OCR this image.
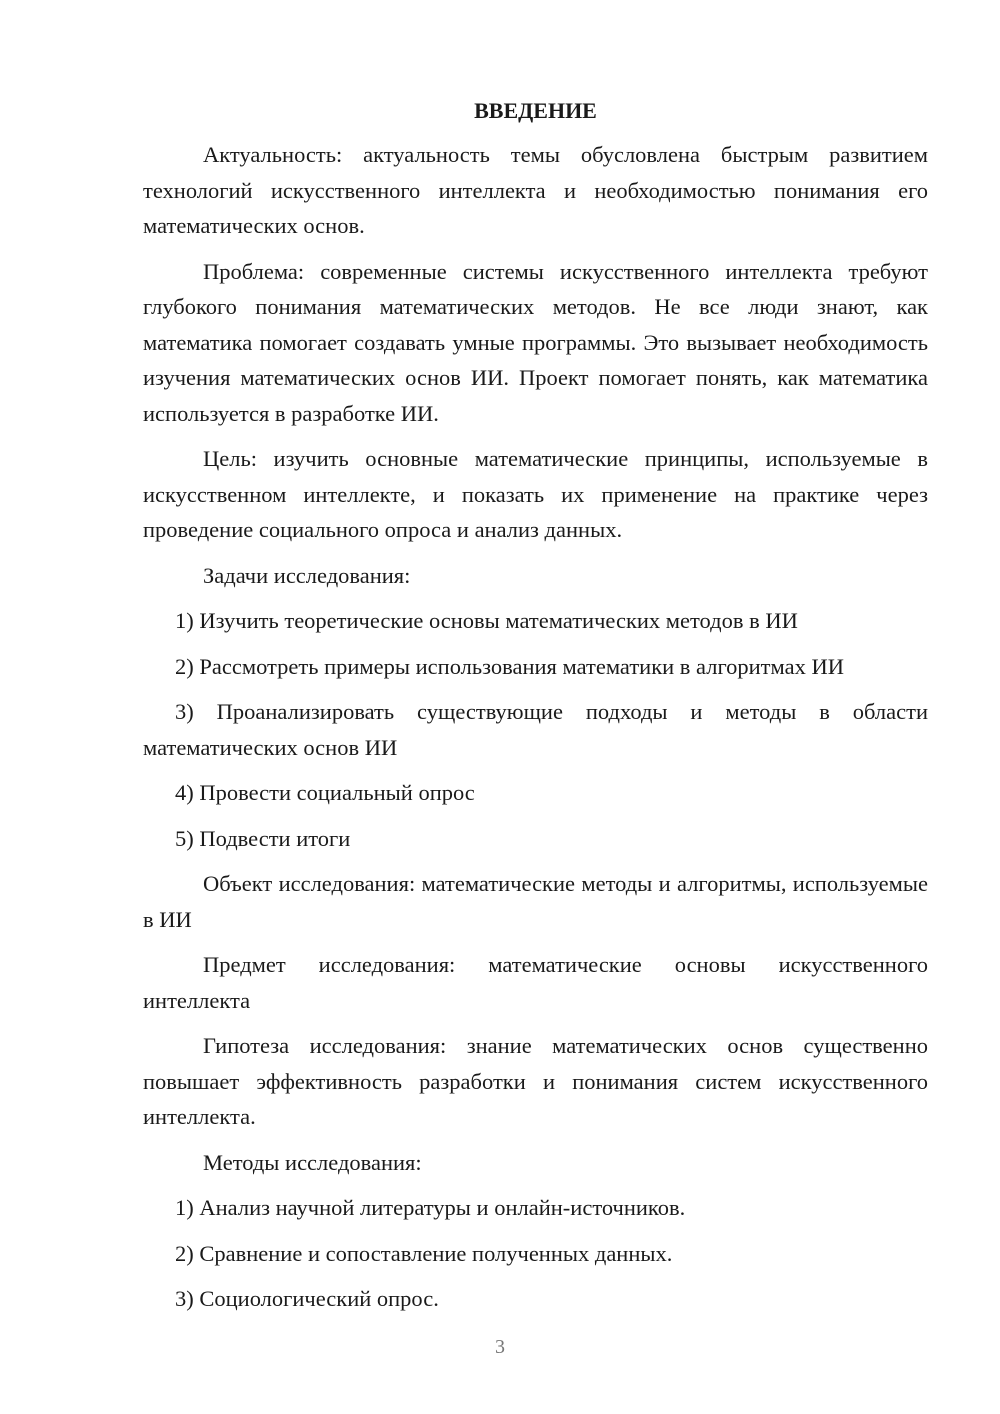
ВВЕДЕНИЕ

Актуальность: актуальность темы обусловлена быстрым развитием технологий искусственного интеллекта и необходимостью понимания его математических основ.

Проблема: современные системы искусственного интеллекта требуют глубокого понимания математических методов. Не все люди знают, как математика помогает создавать умные программы. Это вызывает необходимость изучения математических основ ИИ. Проект помогает понять, как математика используется в разработке ИИ.

Цель: изучить основные математические принципы, используемые в искусственном интеллекте, и показать их применение на практике через проведение социального опроса и анализ данных.

Задачи исследования:

1) Изучить теоретические основы математических методов в ИИ

2) Рассмотреть примеры использования математики в алгоритмах ИИ

3) Проанализировать существующие подходы и методы в области математических основ ИИ

4) Провести социальный опрос

5) Подвести итоги

Объект исследования: математические методы и алгоритмы, используемые в ИИ

Предмет исследования: математические основы искусственного интеллекта

Гипотеза исследования: знание математических основ существенно повышает эффективность разработки и понимания систем искусственного интеллекта.

Методы исследования:

1) Анализ научной литературы и онлайн-источников.

2) Сравнение и сопоставление полученных данных.

3) Социологический опрос.

3
